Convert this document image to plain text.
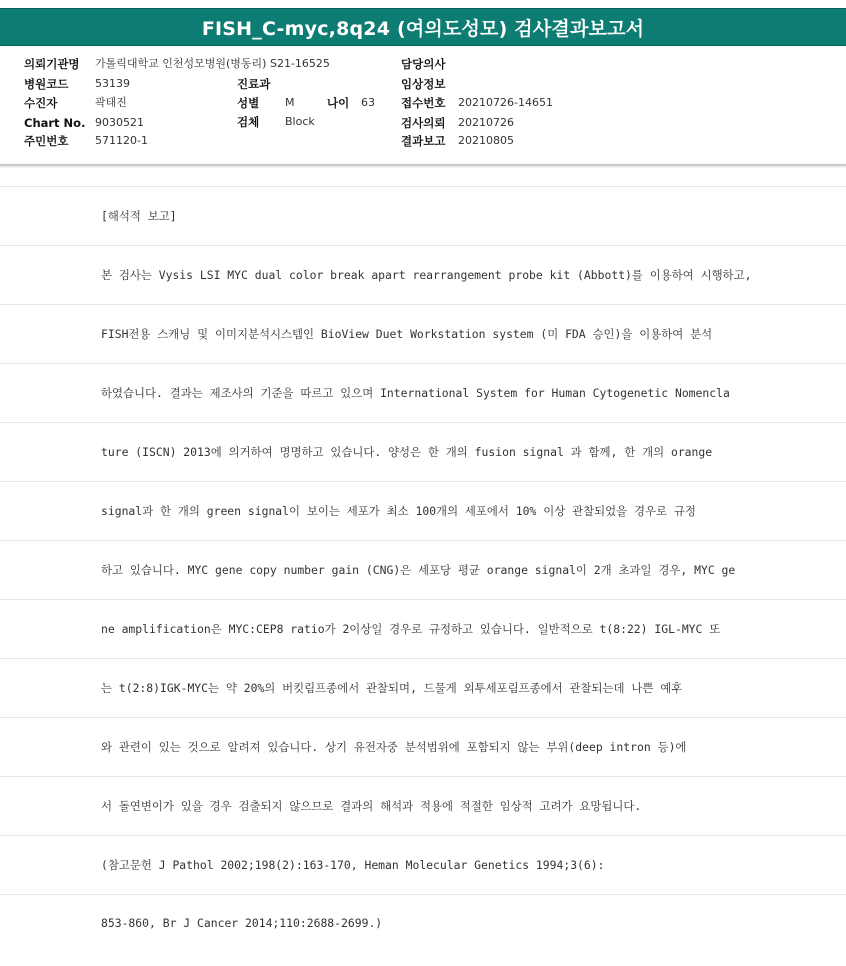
FISH_C-myc,8q24 (여의도성모) 검사결과보고서
의뢰기관명 가톨릭대학교 인천성모병원(병동리) S21-16525
병원코드 53139
수진자	곽태진
Chart No. 9030521
주민번호 571120-1
진료과
성별 M	나이 63
검체 Block
담당의사
임상정보
접수번호 20210726-14651
검사의뢰 20210726
결과보고 20210805
[해석적 보고]
본 검사는 Vysis LSI MYC dual color break apart rearrangement probe kit (Abbott)를 이용하여 시행하고,
FISH전용 스캐닝 및 이미지분석시스템인 BioView Duet Workstation system (미 FDA 승인)을 이용하여 분석
하였습니다. 결과는 제조사의 기준을 따르고 있으며 International System for Human Cytogenetic Nomencla
ture (ISCN) 2013에 의거하여 명명하고 있습니다. 양성은 한 개의 fusion signal 과 함께, 한 개의 orange
signal과 한 개의 green signal이 보이는 세포가 최소 100개의 세포에서 10% 이상 관찰되었을 경우로 규정
하고 있습니다. MYC gene copy number gain (CNG)은 세포당 평균 orange signal이 2개 초과일 경우, MYC ge
ne amplification은 MYC:CEP8 ratio가 2이상일 경우로 규정하고 있습니다. 일반적으로 t(8:22) IGL-MYC 또
는 t(2:8)IGK-MYC는 약 20%의 버킷림프종에서 관찰되며, 드물게 외투세포림프종에서 관찰되는데 나쁜 예후
와 관련이 있는 것으로 알려져 있습니다. 상기 유전자중 분석범위에 포함되지 않는 부위(deep intron 등)에
서 돌연변이가 있을 경우 검출되지 않으므로 결과의 해석과 적용에 적절한 임상적 고려가 요망됩니다.
(참고문헌 J Pathol 2002;198(2):163-170, Heman Molecular Genetics 1994;3(6):
853-860, Br J Cancer 2014;110:2688-2699.)
